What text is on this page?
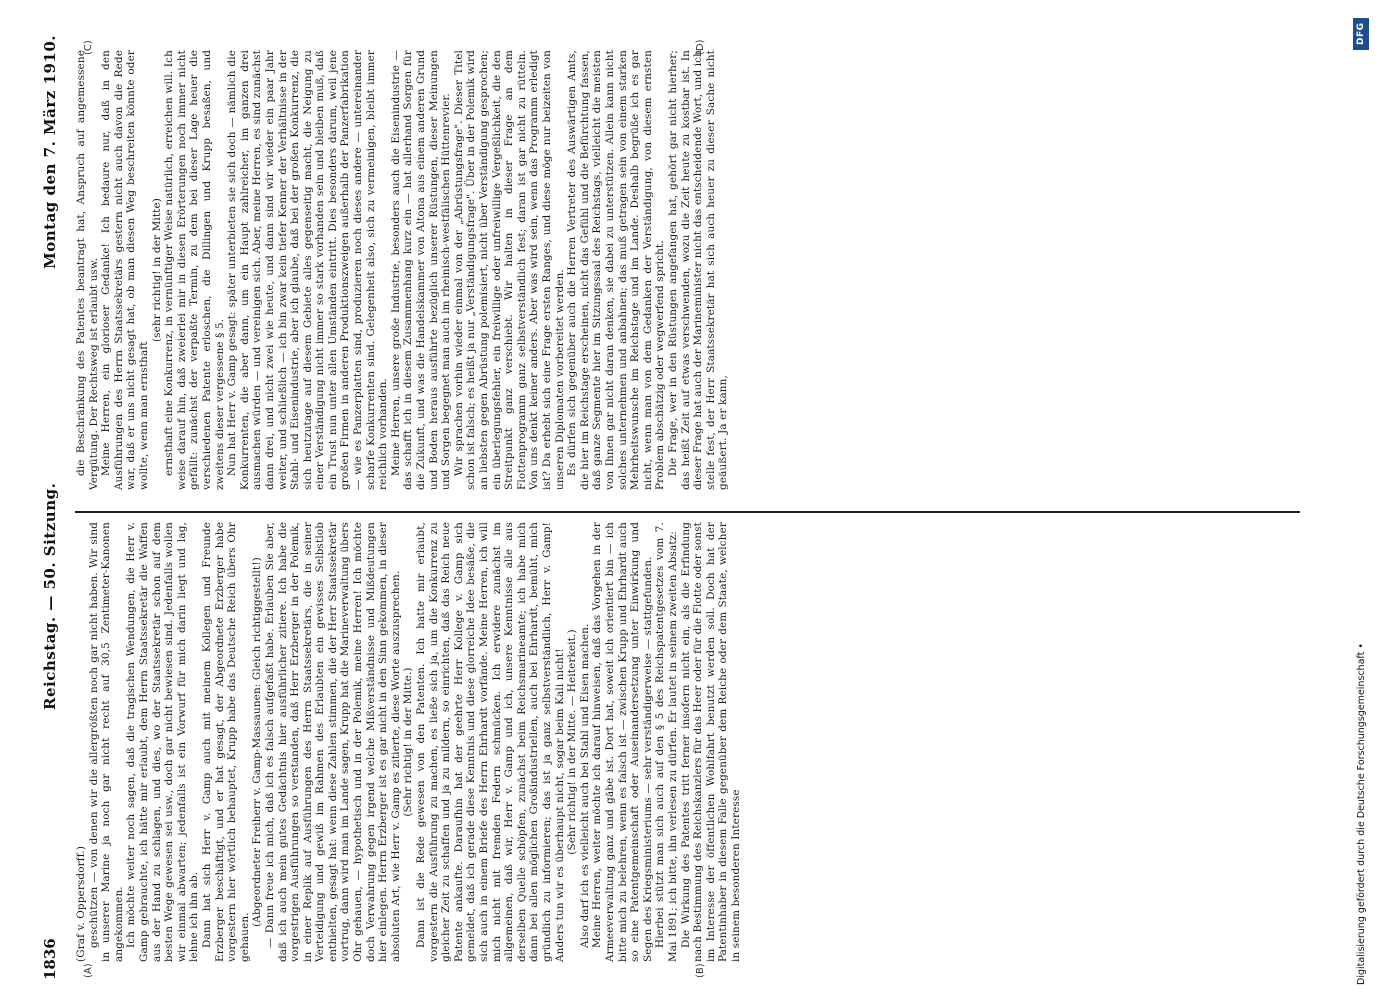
1836
Reichstag. — 50. Sitzung.
Montag den 7. März 1910.

(Graf v. Oppersdorff.) geschützen — von denen wir die allergrößten noch gar nicht haben. Wir sind in unserer Marine ja noch gar nicht recht auf 30,5 Zentimeter-Kanonen angekommen. Ich möchte weiter noch sagen, daß die tragischen Wendungen, die Herr v. Gamp gebrauchte, ich hätte mir erlaubt, dem Herrn Staatssekretär die Waffen aus der Hand zu schlagen, und dies, wo der Staatssekretär schon auf dem besten Wege gewesen sei usw., doch gar nicht bewiesen sind. Jedenfalls wollen wir einmal abwarten; jedenfalls ist ein Vorwurf für mich darin liegt und lag, lehne ich ihn ab. Dann hat sich Herr v. Gamp auch mit meinem Kollegen und Freunde Erzberger beschäftigt, und er hat gesagt, der Abgeordnete Erzberger habe vorgestern hier wörtlich behauptet, Krupp habe das Deutsche Reich übers Ohr gehauen.

(Abgeordneter Freiherr v. Gamp-Massaunen: Gleich richtiggestellt!) — Dann freue ich mich, daß ich es falsch aufgefaßt habe. Erlauben Sie aber, daß ich auch mein gutes Gedächtnis hier ausführlicher zitiere. Ich habe die vorgestrigen Ausführungen so verstanden, daß Herr Erzberger in der Polemik, in einer Replik auf Ausführungen des Herrn Staatssekretärs, die in seiner Verteidigung und gewiß im Rahmen des Erlaubten ein gewisses Selbstlob enthielten, gesagt hat: wenn diese Zahlen stimmen, die der Herr Staatssekretär vortrug, dann wird man im Lande sagen, Krupp hat die Marineverwaltung übers Ohr gehauen, — hypothetisch und in der Polemik, meine Herren! Ich möchte doch Verwahrung gegen irgend welche Mißverständnisse und Mißdeutungen hier einlegen. Herrn Erzberger ist es gar nicht in den Sinn gekommen, in dieser absoluten Art, wie Herr v. Gamp es zitierte, diese Worte auszusprechen. (Sehr richtig! in der Mitte.) Dann ist die Rede gewesen von den Patenten. Ich hatte mir erlaubt, vorgestern die Ausführung zu machen, es ließe sich ja, um die Konkurrenz zu gleicher Zeit zu schaffen und ja zu mildern, so einrichten, daß das Reich neue Patente ankaufte. Daraufhin hat der geehrte Herr Kollege v. Gamp sich gemeldet, daß ich gerade diese Kenntnis und diese glorreiche Idee besäße, die sich auch in einem Briefe des Herrn Ehrhardt vorfände. Meine Herren, ich will mich nicht mit fremden Federn schmücken. Ich erwidere zunächst im allgemeinen, daß wir, Herr v. Gamp und ich, unsere Kenntnisse alle aus derselben Quelle schöpfen, zunächst beim Reichsmarineamte; ich habe mich dann bei allen möglichen Großindustriellen, auch bei Ehrhardt, bemüht, mich gründlich zu informieren; das ist ja ganz selbstverständlich, Herr v. Gamp! Anders tun wir es überhaupt nicht, sogar beim Kali nicht! (Sehr richtig! in der Mitte. — Heiterkeit.) Also darf ich es vielleicht auch bei Stahl und Eisen machen. Meine Herren, weiter möchte ich darauf hinweisen, daß das Vorgehen in der Armeeverwaltung ganz und gäbe ist. Dort hat, soweit ich orientiert bin — ich bitte mich zu belehren, wenn es falsch ist — zwischen Krupp und Ehrhardt auch so eine Patentgemeinschaft oder Auseinandersetzung unter Einwirkung und Segen des Kriegsministeriums — sehr verständigerweise — stattgefunden. Hierbei stützt man sich auch auf den § 5 des Reichspatentgesetzes vom 7. Mai 1891; ich bitte, ihn verlesen zu dürfen. Er lautet in seinem zweiten Absatz: Die Wirkung des Patentes tritt ferner insofern nicht ein, als die Erfindung nach Bestimmung des Reichskanzlers für das Heer oder für die Flotte oder sonst im Interesse der öffentlichen Wohlfahrt benutzt werden soll. Doch hat der Patentinhaber in diesem Falle gegenüber dem Reiche oder dem Staate, welcher in seinem besonderen Interesse

die Beschränkung des Patentes beantragt hat, Anspruch auf angemessene Vergütung. Der Rechtsweg ist erlaubt usw. Meine Herren, ein glorioser Gedanke! Ich bedaure nur, daß in den Ausführungen des Herrn Staatssekretärs gestern nicht auch davon die Rede war, daß er uns nicht gesagt hat, ob man diesen Weg beschreiten könnte oder wollte, wenn man ernsthaft

(sehr richtig! in der Mitte) ernsthaft eine Konkurrenz, in vernünftiger Weise natürlich, erreichen will. Ich weise darauf hin, daß zweierlei mir in diesen Erörterungen noch immer nicht gefällt: zunächst der verpaßte Termin, zu dem bei dieser Lage heuer die verschiedenen Patente erloschen, die Dillingen und Krupp besaßen, und zweitens dieser vergessene § 5. Nun hat Herr v. Gamp gesagt: später unterbieten sie sich doch — nämlich die Konkurrenten, die aber dann, um ein Haupt zahlreicher, im ganzen drei ausmachen würden — und vereinigen sich. Aber, meine Herren, es sind zunächst dann drei, und nicht zwei wie heute, und dann sind wir wieder ein paar Jahr weiter, und schließlich — ich bin zwar kein tiefer Kenner der Verhältnisse in der Stahl- und Eisenindustrie, aber ich glaube, daß bei der großen Konkurrenz, die sich heutzutage auf diesem Gebiete alles gegenseitig macht, die Neigung zu einer Verständigung nicht immer so stark vorhanden sein und bleiben muß, daß ein Trust nun unter allen Umständen eintritt. Dies besonders darum, weil jene großen Firmen in anderen Produktionszweigen außerhalb der Panzerfabrikation — wie es Panzerplatten sind, produzieren noch dieses andere — untereinander scharfe Konkurrenten sind. Gelegenheit also, sich zu vermeinigen, bleibt immer reichlich vorhanden. Meine Herren, unsere große Industrie, besonders auch die Eisenindustrie — das schafft ich in diesem Zusammenhang kurz ein — hat allerhand Sorgen für die Zukunft, und was die Handelskammer von Altona aus einem anderen Grund und Boden heraus ausführte bezüglich unserer Rüstungen, dieser Meinungen und Sorgen begegnet man auch im rheinisch-westfälischen Hüttenrevier. Wir sprachen vorhin wieder einmal von der „Abrüstungsfrage". Dieser Titel schon ist falsch; es heißt ja nur „Verständigungsfrage". Über in der Polemik wird an liebsten gegen Abrüstung polemisiert, nicht über Verständigung gesprochen; ein überlegungsfehler, ein freiwillige oder unfreiwillige Vergeßlichkeit, die den Streitpunkt ganz verschiebt. Wir halten in dieser Frage an dem Flottenprogramm ganz selbstverständlich fest; daran ist gar nicht zu rütteln. Von uns denkt keiner anders. Aber was wird sein, wenn das Programm erledigt ist? Da erhebt sich eine Frage ersten Ranges, und diese möge nur beizeiten von unseren Diplomaten vorbereitet werden. Es dürfen sich gegenüber auch die Herren Vertreter des Auswärtigen Amts, die hier im Reichstage erscheinen, nicht das Gefühl und die Befürchtung fassen, daß ganze Segmente hier im Sitzungssaal des Reichstags, vielleicht die meisten von Ihnen gar nicht daran denken, sie dabei zu unterstützen. Allein kann nicht solches unternehmen und anbahnen; das muß getragen sein von einem starken Mehrheitswunsche im Reichstage und im Lande. Deshalb begrüße ich es gar nicht, wenn man von dem Gedanken der Verständigung, von diesem ernsten Problem abschätzig oder wegwerfend spricht. Die Frage, wer in den Rüstungen angefangen hat, gehört gar nicht hierher; das heißt Zeit auf etwas verschwenden, wozu die Zeit heute zu kostbar ist. In dieser Frage hat auch der Marineminister nicht das entscheidende Wort, und ich stelle fest, der Herr Staatssekretär hat sich auch heuer zu dieser Sache nicht geäußert. Ja er kann,

(A)	(B)
(C)	(D)
DFG
Digitalisierung gefördert durch die Deutsche Forschungsgemeinschaft •
